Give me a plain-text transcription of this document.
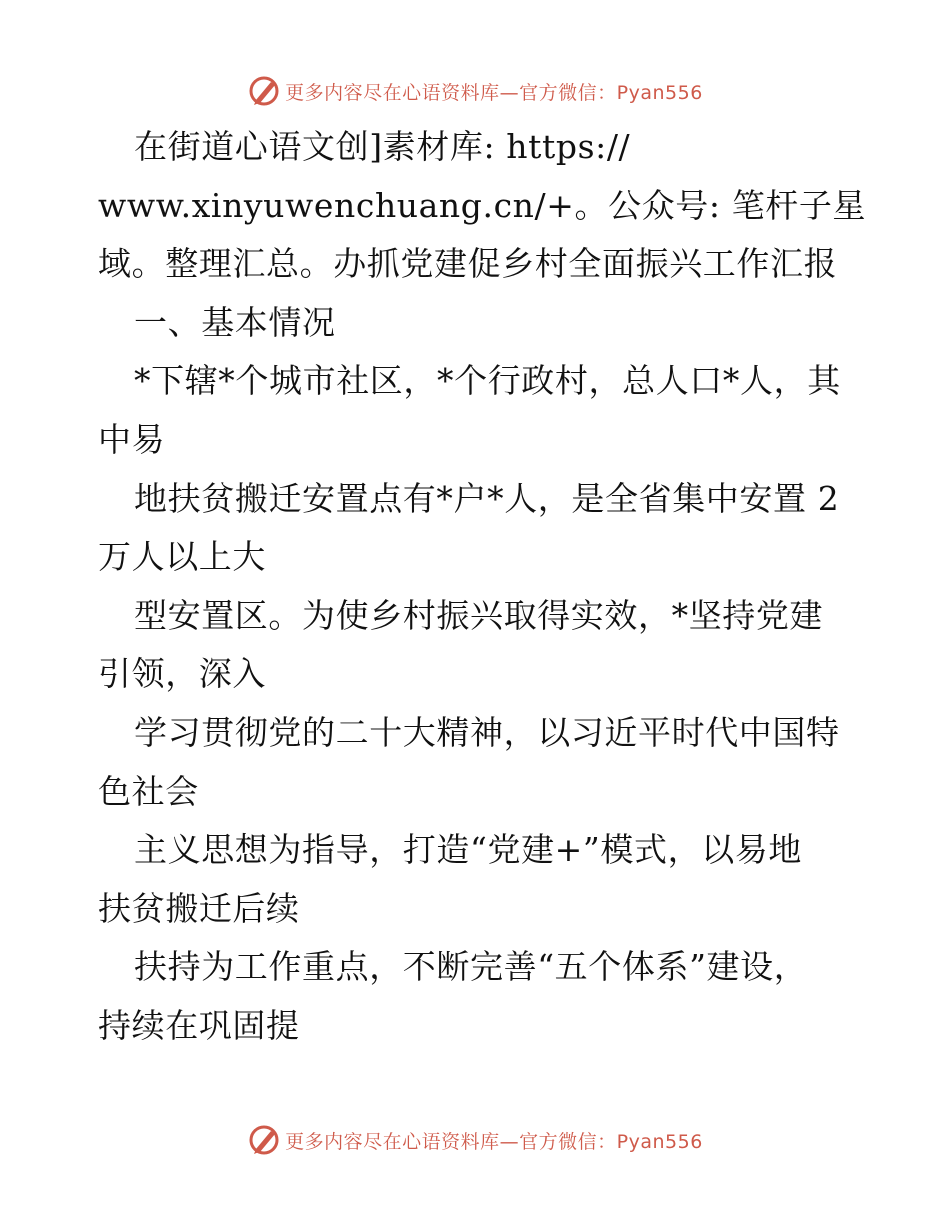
更多内容尽在心语资料库—官方微信：Pyan556
在街道心语文创]素材库: https://
www.xinyuwenchuang.cn/+。公众号: 笔杆子星
域。整理汇总。办抓党建促乡村全面振兴工作汇报
一、基本情况
*下辖*个城市社区，*个行政村，总人口*人，其
中易
地扶贫搬迁安置点有*户*人，是全省集中安置 2
万人以上大
型安置区。为使乡村振兴取得实效，*坚持党建
引领，深入
学习贯彻党的二十大精神，以习近平时代中国特
色社会
主义思想为指导，打造“党建+”模式，以易地
扶贫搬迁后续
扶持为工作重点，不断完善“五个体系”建设，
持续在巩固提
更多内容尽在心语资料库—官方微信：Pyan556
